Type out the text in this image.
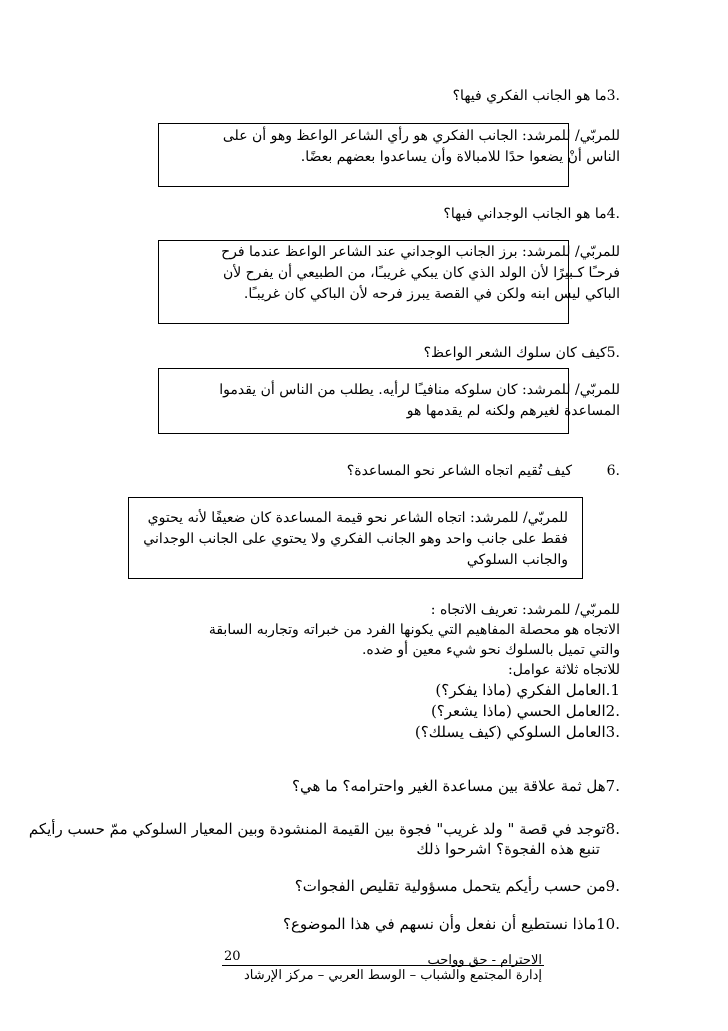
.3ما هو الجانب الفكري فيها؟
للمربّي/ للمرشد: الجانب الفكري هو رأي الشاعر الواعظ وهو أن على
الناس أنْ يضعوا حدًا للامبالاة وأن يساعدوا بعضهم بعضًا.
.4ما هو الجانب الوجداني فيها؟
للمربّي/ للمرشد: برز الجانب الوجداني عند الشاعر الواعظ عندما فرح
فرحـًا كـبيرًا لأن الولد الذي كان يبكي غريبـًا، من الطبيعي أن يفرح لأن
الباكي ليس ابنه ولكن في القصة يبرز فرحه لأن الباكي كان غريبـًا.
.5كيف كان سلوك الشعر الواعظ؟
للمربّي/ للمرشد: كان سلوكه منافيـًا لرأيه. يطلب من الناس أن يقدموا
المساعدة لغيرهم ولكنه لم يقدمها هو
.6
كيف تُقيم اتجاه الشاعر نحو المساعدة؟
للمربّي/ للمرشد: اتجاه الشاعر نحو قيمة المساعدة كان ضعيفًا لأنه يحتوي
فقط على جانب واحد وهو الجانب الفكري ولا يحتوي على الجانب الوجداني
والجانب السلوكي
للمربّي/ للمرشد: تعريف الاتجاه :
الاتجاه هو محصلة المفاهيم التي يكونها الفرد من خبراته وتجاربه السابقة
والتي تميل بالسلوك نحو شيء معين أو ضده.
للاتجاه ثلاثة عوامل:
1.العامل الفكري (ماذا يفكر؟)
.2العامل الحسي (ماذا يشعر؟)
.3العامل السلوكي (كيف يسلك؟)
.7هل ثمة علاقة بين مساعدة الغير واحترامه؟ ما هي؟
.8توجد في قصة " ولد غريب" فجوة بين القيمة المنشودة وبين المعيار السلوكي ممّ حسب رأيكم
تنبع هذه الفجوة؟ اشرحوا ذلك
.9من حسب رأيكم يتحمل مسؤولية تقليص الفجوات؟
.10ماذا نستطيع أن نفعل وأن نسهم في هذا الموضوع؟
20	الاحترام - حق وواجب
إدارة المجتمع والشباب – الوسط العربي – مركز الإرشاد
